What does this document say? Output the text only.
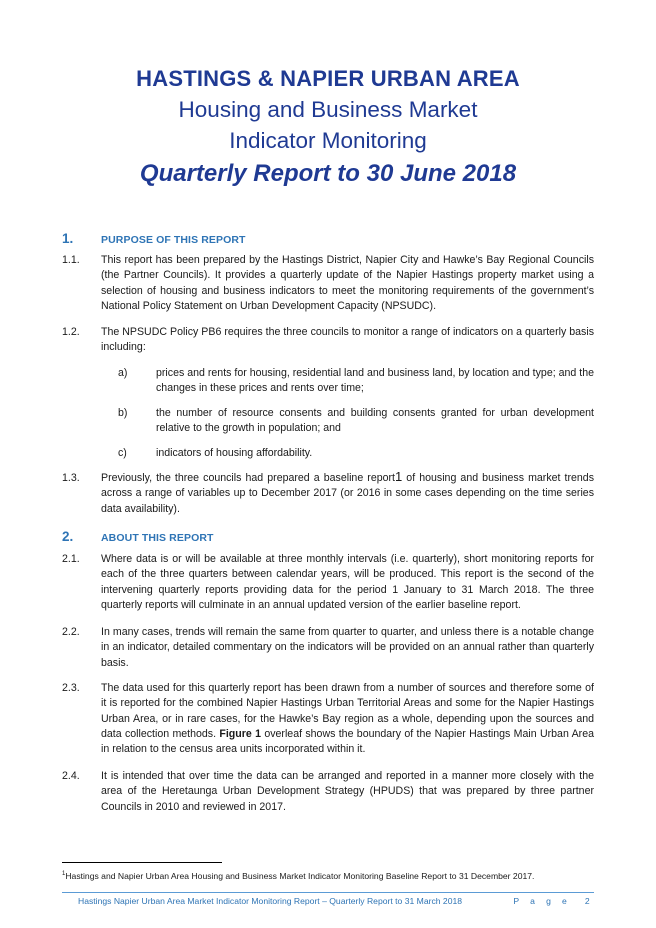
HASTINGS & NAPIER URBAN AREA
Housing and Business Market
Indicator Monitoring
Quarterly Report to 30 June 2018
1.	PURPOSE OF THIS REPORT
1.1.	This report has been prepared by the Hastings District, Napier City and Hawke’s Bay Regional Councils (the Partner Councils). It provides a quarterly update of the Napier Hastings property market using a selection of housing and business indicators to meet the monitoring requirements of the government’s National Policy Statement on Urban Development Capacity (NPSUDC).
1.2.	The NPSUDC Policy PB6 requires the three councils to monitor a range of indicators on a quarterly basis including:
a)	prices and rents for housing, residential land and business land, by location and type; and the changes in these prices and rents over time;
b)	the number of resource consents and building consents granted for urban development relative to the growth in population; and
c)	indicators of housing affordability.
1.3.	Previously, the three councils had prepared a baseline report1 of housing and business market trends across a range of variables up to December 2017 (or 2016 in some cases depending on the time series data availability).
2.	ABOUT THIS REPORT
2.1.	Where data is or will be available at three monthly intervals (i.e. quarterly), short monitoring reports for each of the three quarters between calendar years, will be produced. This report is the second of the intervening quarterly reports providing data for the period 1 January to 31 March 2018. The three quarterly reports will culminate in an annual updated version of the earlier baseline report.
2.2.	In many cases, trends will remain the same from quarter to quarter, and unless there is a notable change in an indicator, detailed commentary on the indicators will be provided on an annual rather than quarterly basis.
2.3.	The data used for this quarterly report has been drawn from a number of sources and therefore some of it is reported for the combined Napier Hastings Urban Territorial Areas and some for the Napier Hastings Urban Area, or in rare cases, for the Hawke’s Bay region as a whole, depending upon the sources and data collection methods. Figure 1 overleaf shows the boundary of the Napier Hastings Main Urban Area in relation to the census area units incorporated within it.
2.4.	It is intended that over time the data can be arranged and reported in a manner more closely with the area of the Heretaunga Urban Development Strategy (HPUDS) that was prepared by three partner Councils in 2010 and reviewed in 2017.
$^1$Hastings and Napier Urban Area Housing and Business Market Indicator Monitoring Baseline Report to 31 December 2017.
Hastings Napier Urban Area Market Indicator Monitoring Report – Quarterly Report to 31 March 2018	P a g e 2
